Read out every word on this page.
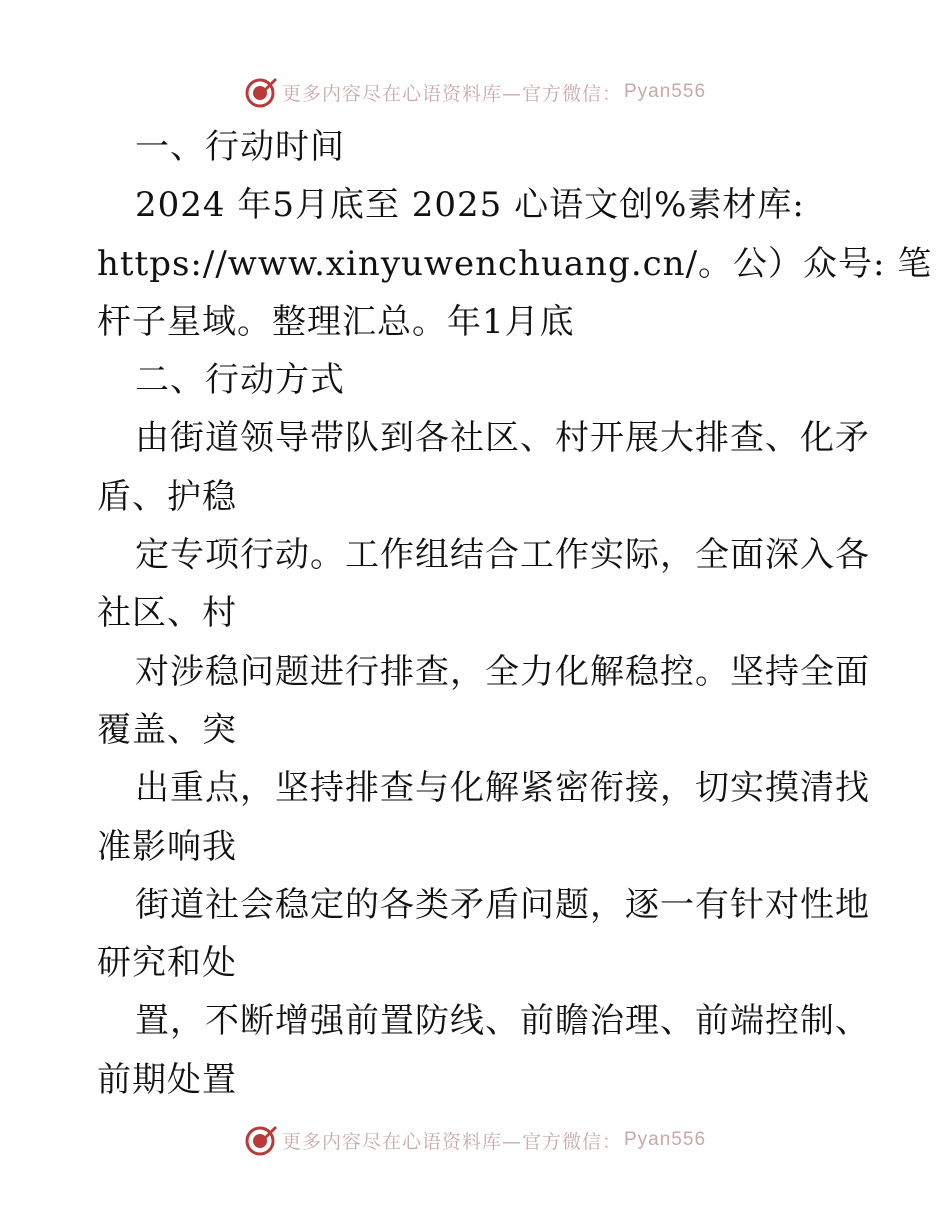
更多内容尽在心语资料库—官方微信： Pyan556
一、行动时间
2024 年5月底至 2025 心语文创%素材库:
https://www.xinyuwenchuang.cn/。公）众号: 笔
杆子星域。整理汇总。年1月底
二、行动方式
由街道领导带队到各社区、村开展大排查、化矛
盾、护稳
定专项行动。工作组结合工作实际，全面深入各
社区、村
对涉稳问题进行排查，全力化解稳控。坚持全面
覆盖、突
出重点，坚持排查与化解紧密衔接，切实摸清找
准影响我
街道社会稳定的各类矛盾问题，逐一有针对性地
研究和处
置，不断增强前置防线、前瞻治理、前端控制、
前期处置
更多内容尽在心语资料库—官方微信： Pyan556
